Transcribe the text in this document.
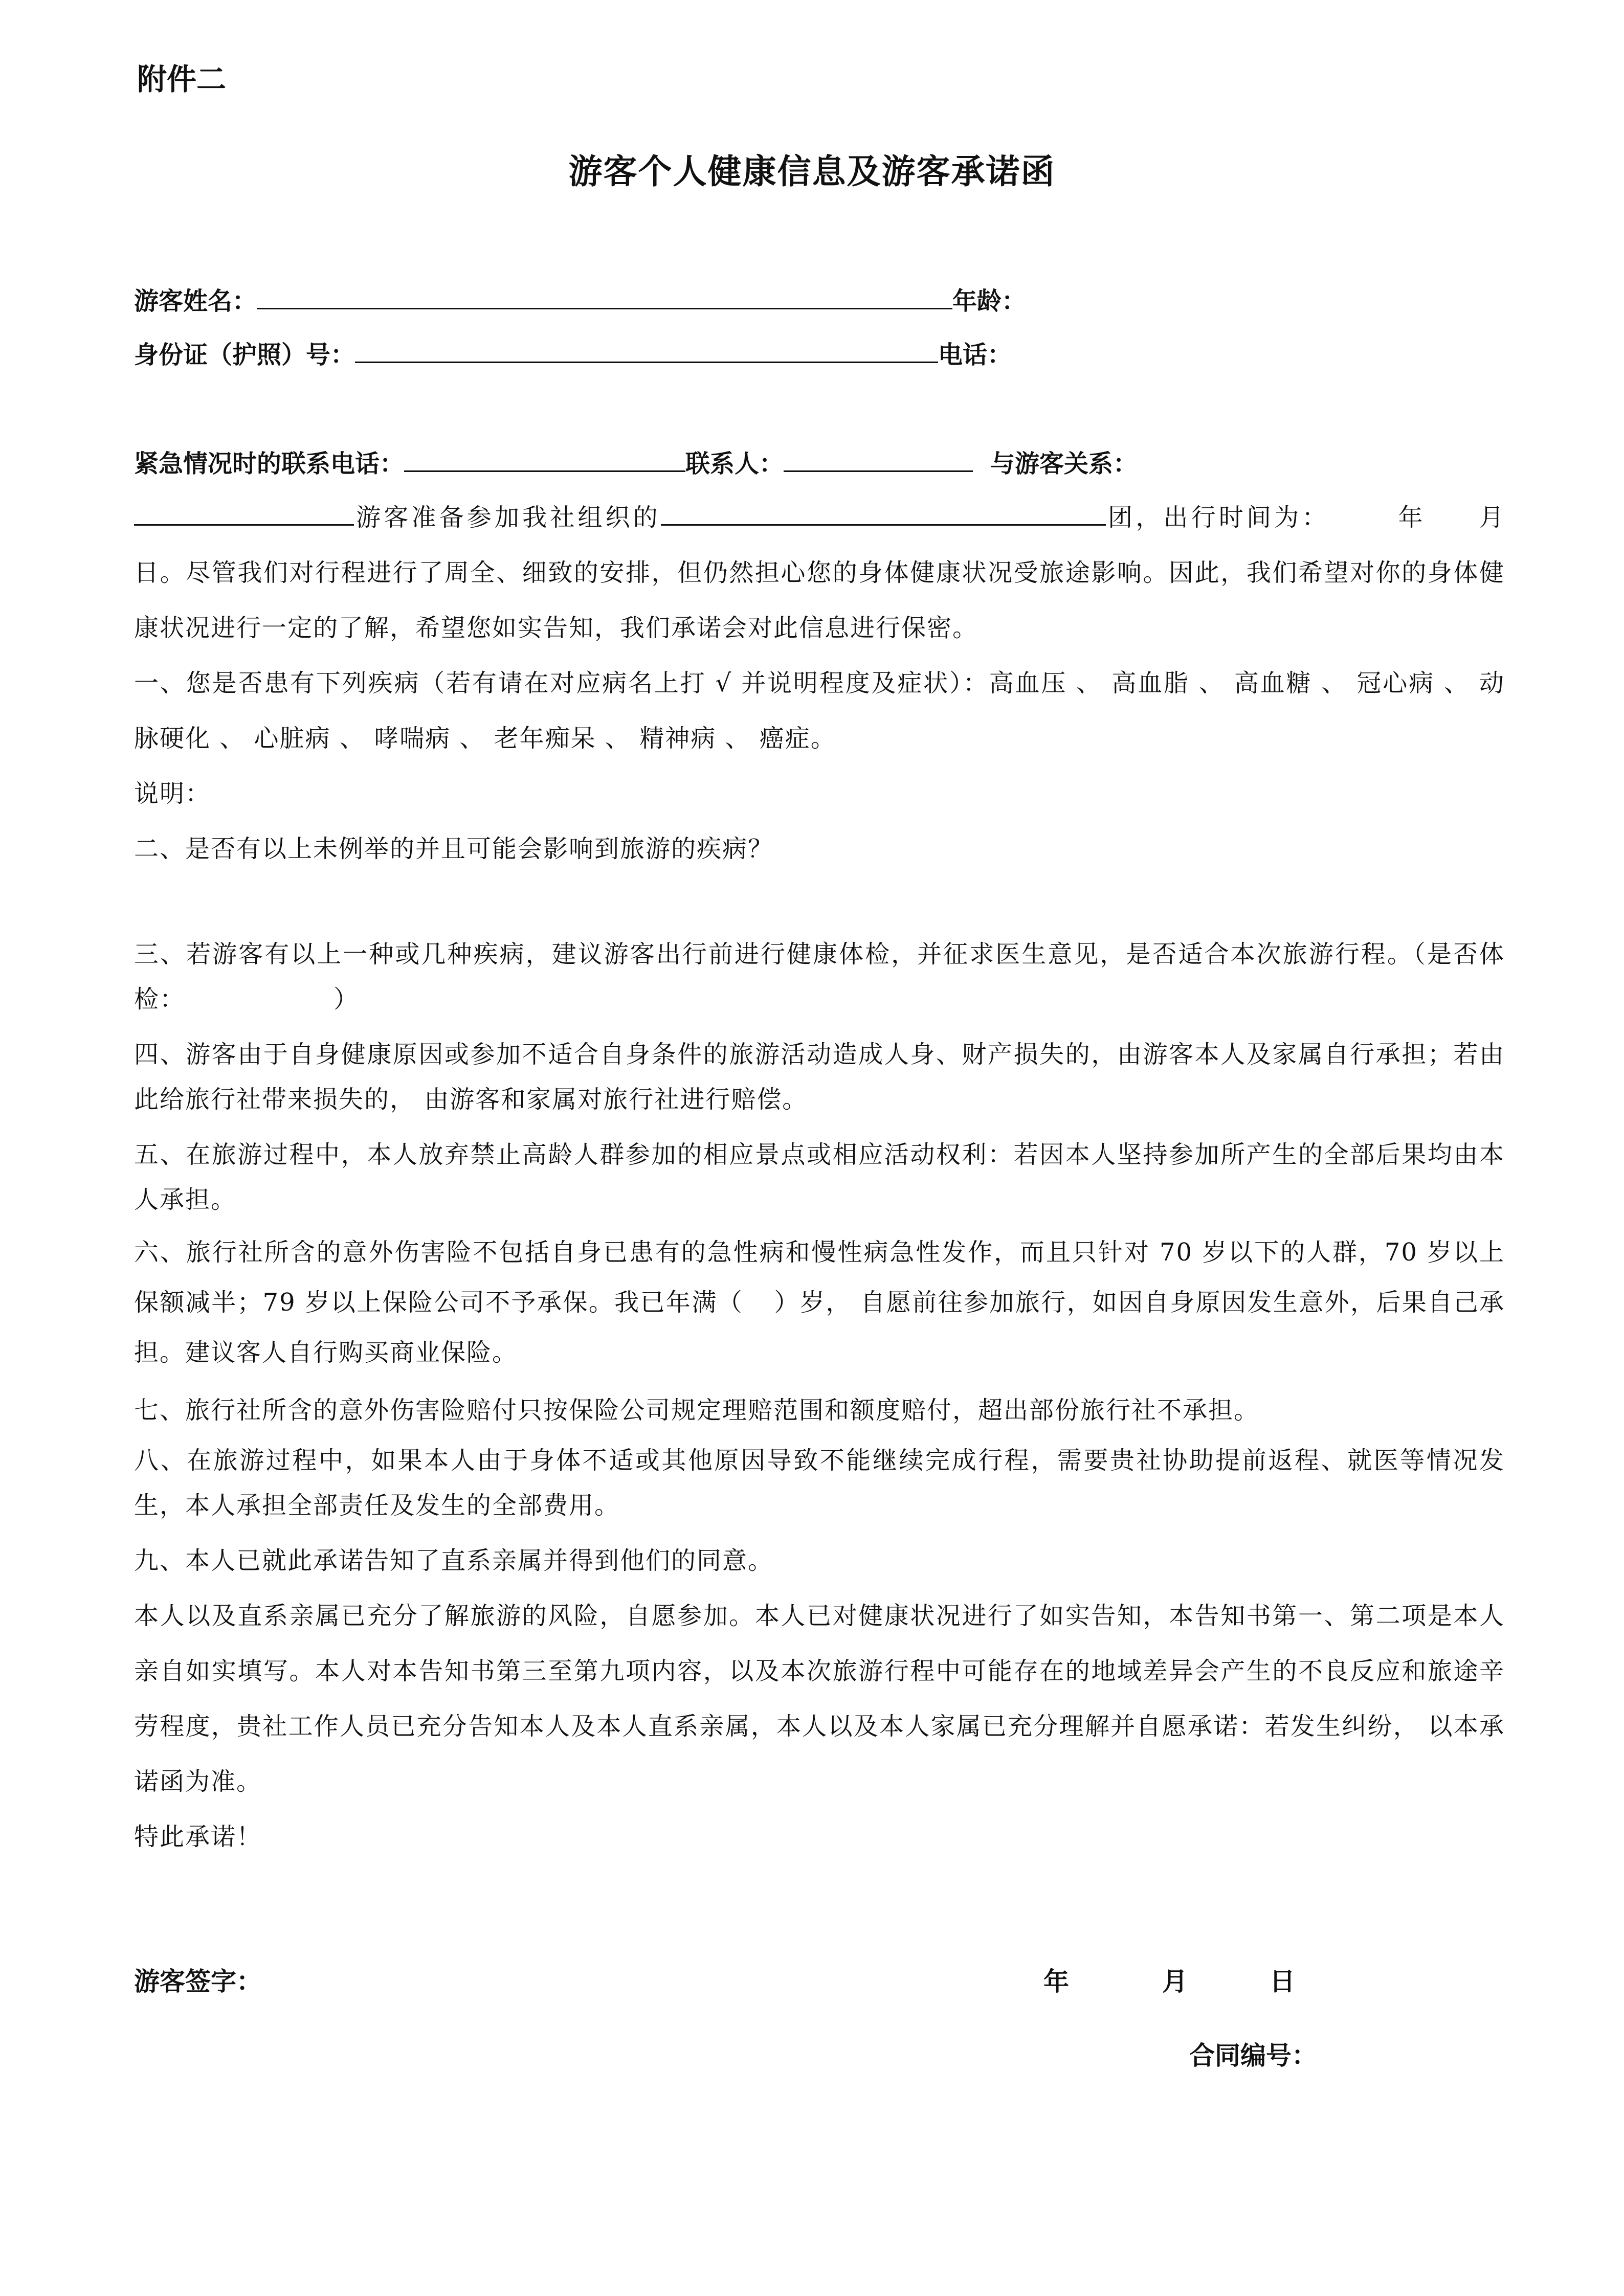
附件二
游客个人健康信息及游客承诺函
游客姓名：	年龄：
身份证（护照）号：	电话：
紧急情况时的联系电话：	联系人：	与游客关系：

游客准备参加我社组织的	团，出行时间为：	年 月日。尽管我们对行程进行了周全、细致的安排，但仍然担心您的身体健康状况受旅途影响。因此，我们希望对你的身体健康状况进行一定的了解，希望您如实告知，我们承诺会对此信息进行保密。

一、您是否患有下列疾病（若有请在对应病名上打 √ 并说明程度及症状）：高血压 、 高血脂 、 高血糖 、 冠心病 、 动脉硬化 、 心脏病 、 哮喘病 、 老年痴呆 、 精神病 、 癌症。

说明：

二、是否有以上未例举的并且可能会影响到旅游的疾病？

三、若游客有以上一种或几种疾病，建议游客出行前进行健康体检，并征求医生意见，是否适合本次旅游行程。（是否体检：	）

四、游客由于自身健康原因或参加不适合自身条件的旅游活动造成人身、财产损失的，由游客本人及家属自行承担；若由此给旅行社带来损失的， 由游客和家属对旅行社进行赔偿。

五、在旅游过程中，本人放弃禁止高龄人群参加的相应景点或相应活动权利：若因本人坚持参加所产生的全部后果均由本人承担。

六、旅行社所含的意外伤害险不包括自身已患有的急性病和慢性病急性发作，而且只针对 70 岁以下的人群，70 岁以上保额减半；79 岁以上保险公司不予承保。我已年满（ ）岁， 自愿前往参加旅行，如因自身原因发生意外，后果自己承担。建议客人自行购买商业保险。

七、旅行社所含的意外伤害险赔付只按保险公司规定理赔范围和额度赔付，超出部份旅行社不承担。

八、在旅游过程中，如果本人由于身体不适或其他原因导致不能继续完成行程，需要贵社协助提前返程、就医等情况发生，本人承担全部责任及发生的全部费用。

九、本人已就此承诺告知了直系亲属并得到他们的同意。

本人以及直系亲属已充分了解旅游的风险，自愿参加。本人已对健康状况进行了如实告知，本告知书第一、第二项是本人亲自如实填写。本人对本告知书第三至第九项内容，以及本次旅游行程中可能存在的地域差异会产生的不良反应和旅途辛劳程度，贵社工作人员已充分告知本人及本人直系亲属，本人以及本人家属已充分理解并自愿承诺：若发生纠纷， 以本承诺函为准。

特此承诺！

游客签字：	年	月	日
合同编号：
